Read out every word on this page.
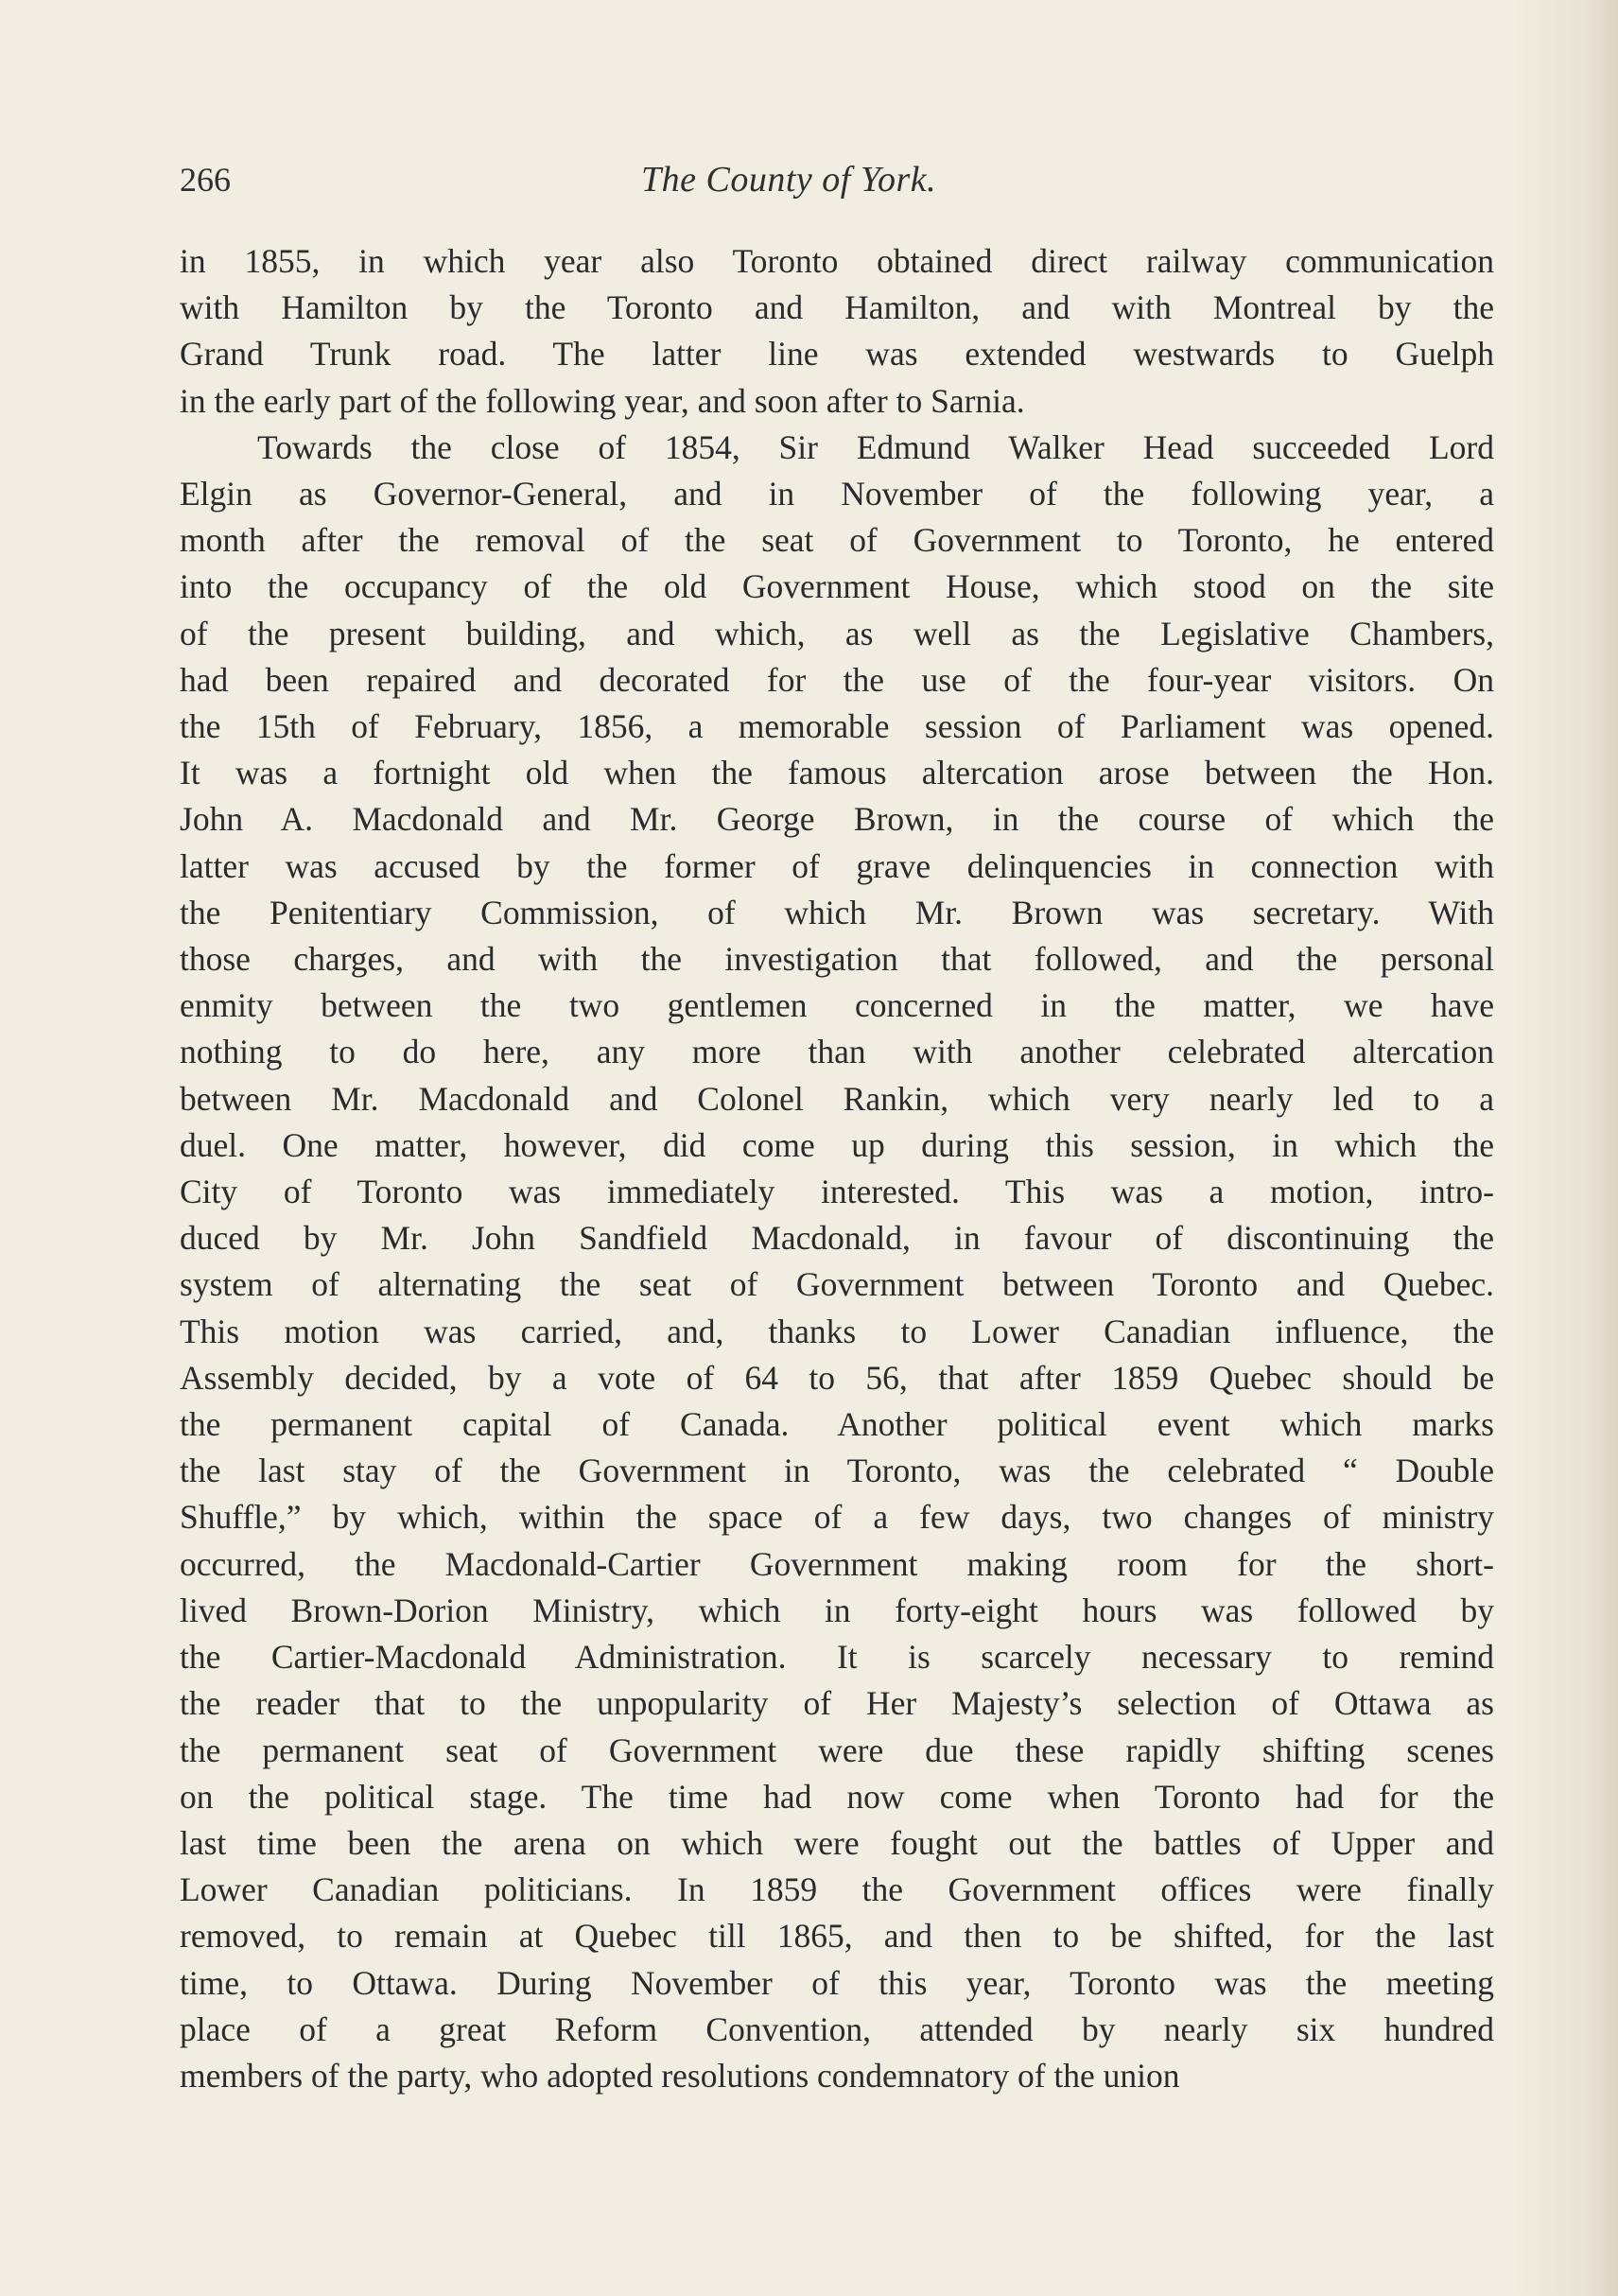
266	The County of York.
in 1855, in which year also Toronto obtained direct railway communication
with Hamilton by the Toronto and Hamilton, and with Montreal by the
Grand Trunk road. The latter line was extended westwards to Guelph
in the early part of the following year, and soon after to Sarnia.
Towards the close of 1854, Sir Edmund Walker Head succeeded Lord
Elgin as Governor-General, and in November of the following year, a
month after the removal of the seat of Government to Toronto, he entered
into the occupancy of the old Government House, which stood on the site
of the present building, and which, as well as the Legislative Chambers,
had been repaired and decorated for the use of the four-year visitors. On
the 15th of February, 1856, a memorable session of Parliament was opened.
It was a fortnight old when the famous altercation arose between the Hon.
John A. Macdonald and Mr. George Brown, in the course of which the
latter was accused by the former of grave delinquencies in connection with
the Penitentiary Commission, of which Mr. Brown was secretary. With
those charges, and with the investigation that followed, and the personal
enmity between the two gentlemen concerned in the matter, we have
nothing to do here, any more than with another celebrated altercation
between Mr. Macdonald and Colonel Rankin, which very nearly led to a
duel. One matter, however, did come up during this session, in which the
City of Toronto was immediately interested. This was a motion, intro-
duced by Mr. John Sandfield Macdonald, in favour of discontinuing the
system of alternating the seat of Government between Toronto and Quebec.
This motion was carried, and, thanks to Lower Canadian influence, the
Assembly decided, by a vote of 64 to 56, that after 1859 Quebec should be
the permanent capital of Canada. Another political event which marks
the last stay of the Government in Toronto, was the celebrated “ Double
Shuffle,” by which, within the space of a few days, two changes of ministry
occurred, the Macdonald-Cartier Government making room for the short-
lived Brown-Dorion Ministry, which in forty-eight hours was followed by
the Cartier-Macdonald Administration. It is scarcely necessary to remind
the reader that to the unpopularity of Her Majesty’s selection of Ottawa as
the permanent seat of Government were due these rapidly shifting scenes
on the political stage. The time had now come when Toronto had for the
last time been the arena on which were fought out the battles of Upper and
Lower Canadian politicians. In 1859 the Government offices were finally
removed, to remain at Quebec till 1865, and then to be shifted, for the last
time, to Ottawa. During November of this year, Toronto was the meeting
place of a great Reform Convention, attended by nearly six hundred
members of the party, who adopted resolutions condemnatory of the union
